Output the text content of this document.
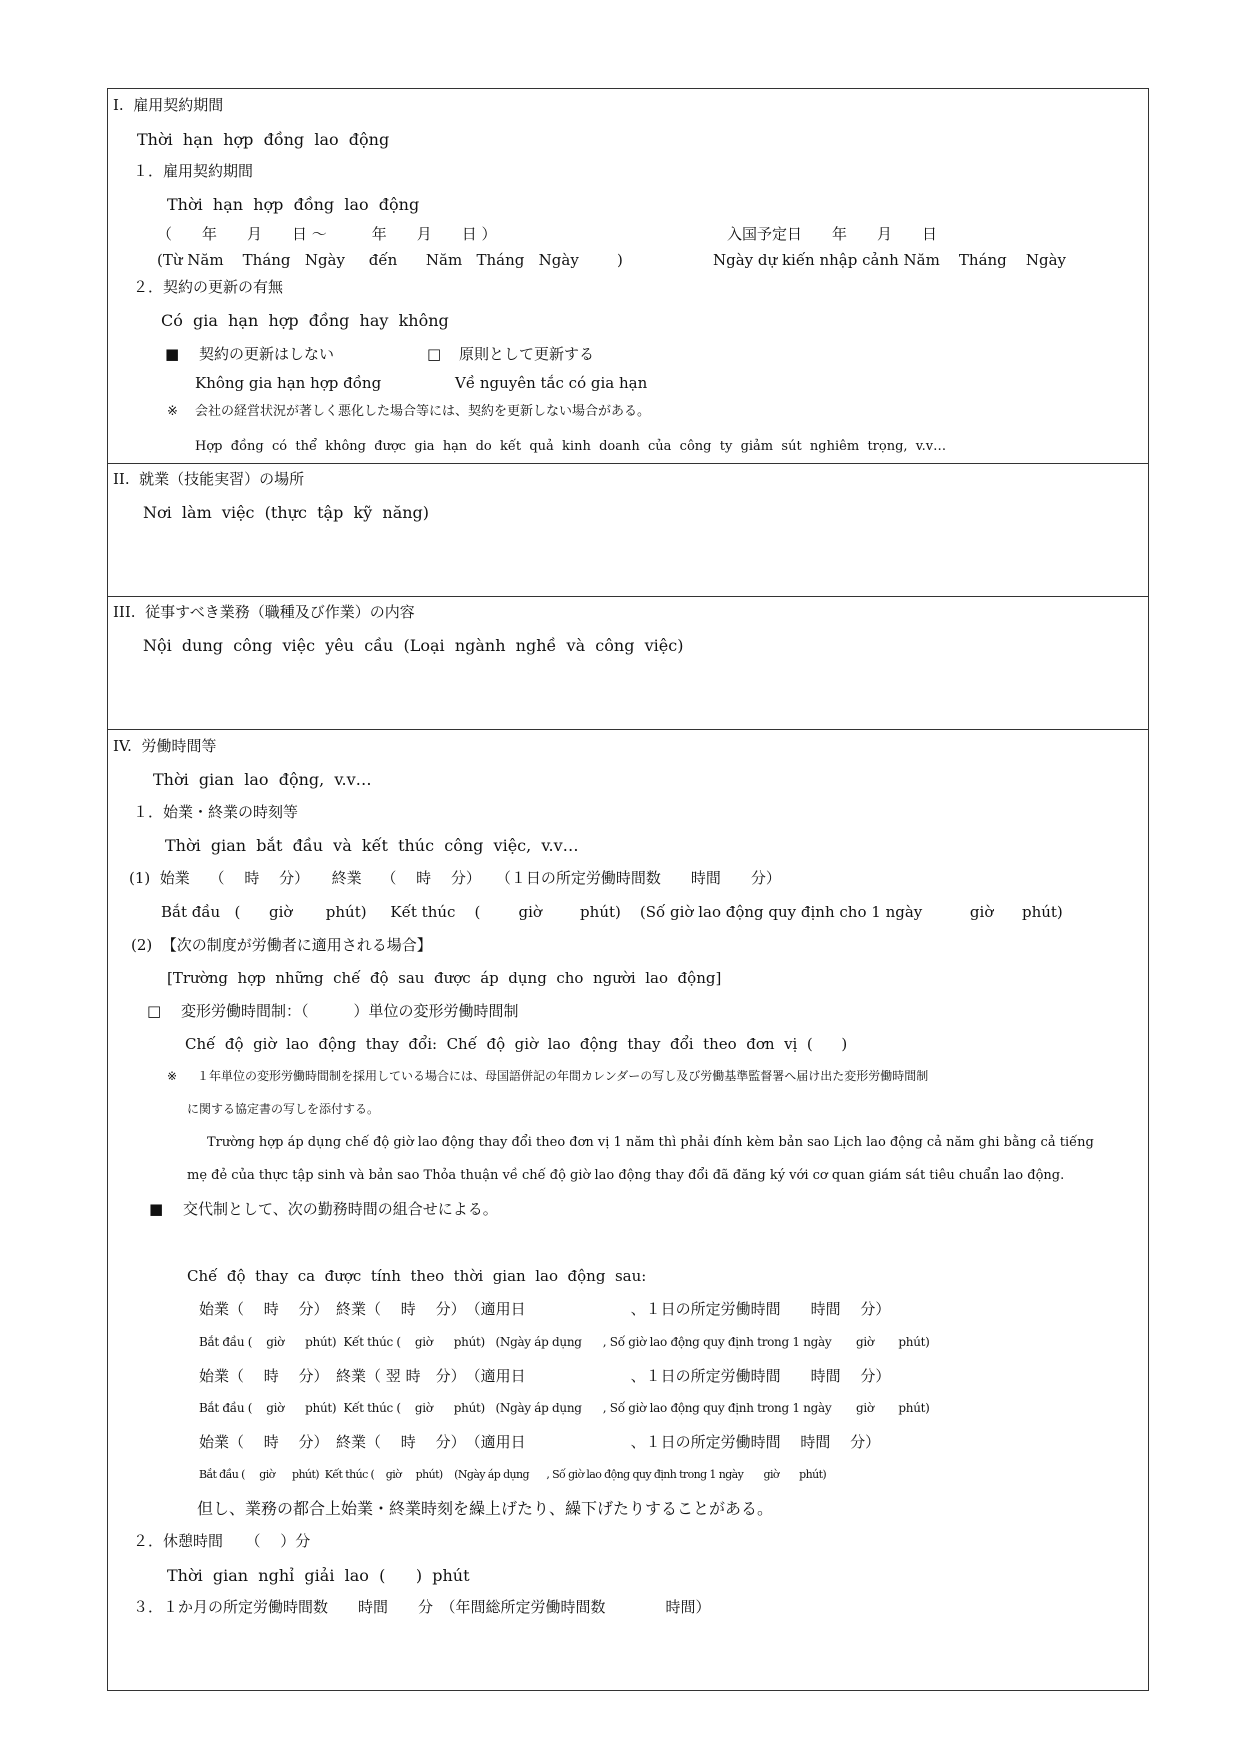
I.  雇用契約期間
Thời  hạn  hợp  đồng  lao  động
１．雇用契約期間
Thời  hạn  hợp  đồng  lao  động
（　　年　　月　　日 ～　　　年　　月　　日 ）	入国予定日　　年　　月　　日
(Từ Năm    Tháng   Ngày     đến      Năm   Tháng   Ngày        )	Ngày dự kiến nhập cảnh Năm    Tháng    Ngày
２．契約の更新の有無
Có  gia  hạn  hợp  đồng  hay  không
■ 契約の更新はしない	□ 原則として更新する
Không gia hạn hợp đồng	Về nguyên tắc có gia hạn
※ 会社の経営状況が著しく悪化した場合等には、契約を更新しない場合がある。
Hợp  đồng  có  thể  không  được  gia  hạn  do  kết  quả  kinh  doanh  của  công  ty  giảm  sút  nghiêm  trọng,  v.v…
II.  就業（技能実習）の場所
Nơi  làm  việc  (thực  tập  kỹ  năng)
III.  従事すべき業務（職種及び作業）の内容
Nội  dung  công  việc  yêu  cầu  (Loại  ngành  nghề  và  công  việc)
IV.  労働時間等
Thời  gian  lao  động,  v.v…
１．始業・終業の時刻等
Thời  gian  bắt  đầu  và  kết  thúc  công  việc,  v.v…
(1)  始業　 （　 時　 分）　　終業　 （　 時　 分）　　（１日の所定労働時間数　　時間　　分）
Bắt đầu   (      giờ       phút)     Kết thúc    (        giờ        phút)    (Số giờ lao động quy định cho 1 ngày          giờ      phút)
(2)  【次の制度が労働者に適用される場合】
[Trường  hợp  những  chế  độ  sau  được  áp  dụng  cho  người  lao  động]
□ 変形労働時間制：（　　　）単位の変形労働時間制
Chế  độ  giờ  lao  động  thay  đổi:  Chế  độ  giờ  lao  động  thay  đổi  theo  đơn  vị  (      )
※ １年単位の変形労働時間制を採用している場合には、母国語併記の年間カレンダーの写し及び労働基準監督署へ届け出た変形労働時間制
に関する協定書の写しを添付する。
Trường hợp áp dụng chế độ giờ lao động thay đổi theo đơn vị 1 năm thì phải đính kèm bản sao Lịch lao động cả năm ghi bằng cả tiếng
mẹ đẻ của thực tập sinh và bản sao Thỏa thuận về chế độ giờ lao động thay đổi đã đăng ký với cơ quan giám sát tiêu chuẩn lao động.
■ 交代制として、次の勤務時間の組合せによる。
Chế  độ  thay  ca  được  tính  theo  thời  gian  lao  động  sau:
始業（　 時　 分）　終業（　 時　 分）　（適用日　　　　　　　、１日の所定労働時間　　時間　 分）
Bắt đầu (    giờ      phút)  Kết thúc (    giờ      phút)   (Ngày áp dụng      , Số giờ lao động quy định trong 1 ngày       giờ       phút)
始業（　 時　 分）　終業（ 翌 時　分）　（適用日　　　　　　　、１日の所定労働時間　　時間　 分）
Bắt đầu (    giờ      phút)  Kết thúc (    giờ      phút)   (Ngày áp dụng      , Số giờ lao động quy định trong 1 ngày       giờ       phút)
始業（　 時　 分）　終業（　 時　 分）　（適用日　　　　　　　、１日の所定労働時間　 時間　 分）
Bắt đầu (     giờ      phút)  Kết thúc (    giờ     phút)    (Ngày áp dụng      , Số giờ lao động quy định trong 1 ngày       giờ       phút)
但し、業務の都合上始業・終業時刻を繰上げたり、繰下げたりすることがある。
２．休憩時間　　（　 ）分
Thời  gian  nghỉ  giải  lao  (      )  phút
３．１か月の所定労働時間数　　時間　　分　（年間総所定労働時間数　　　　時間）
